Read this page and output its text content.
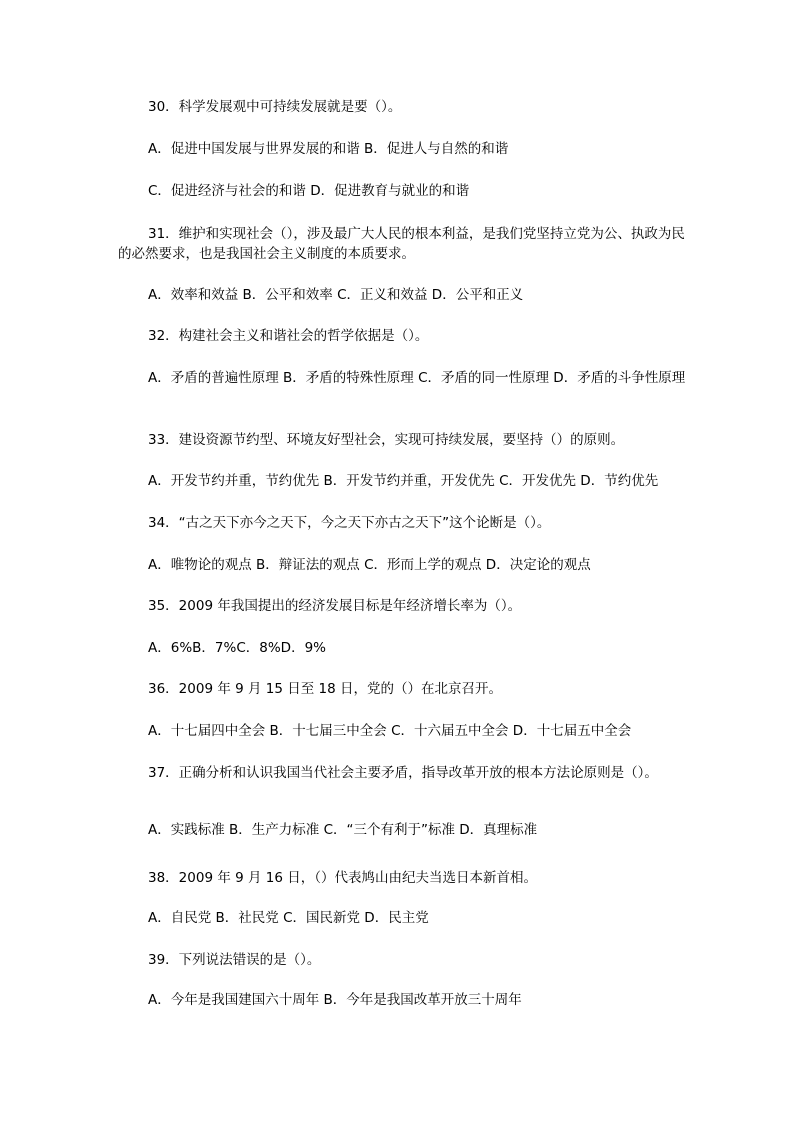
30．科学发展观中可持续发展就是要（）。

A．促进中国发展与世界发展的和谐 B．促进人与自然的和谐

C．促进经济与社会的和谐 D．促进教育与就业的和谐

31．维护和实现社会（），涉及最广大人民的根本利益，是我们党坚持立党为公、执政为民的必然要求，也是我国社会主义制度的本质要求。

A．效率和效益 B．公平和效率 C．正义和效益 D．公平和正义

32．构建社会主义和谐社会的哲学依据是（）。

A．矛盾的普遍性原理 B．矛盾的特殊性原理 C．矛盾的同一性原理 D．矛盾的斗争性原理

33．建设资源节约型、环境友好型社会，实现可持续发展，要坚持（）的原则。

A．开发节约并重，节约优先 B．开发节约并重，开发优先 C．开发优先 D．节约优先

34．“古之天下亦今之天下，今之天下亦古之天下”这个论断是（）。

A．唯物论的观点 B．辩证法的观点 C．形而上学的观点 D．决定论的观点

35．2009 年我国提出的经济发展目标是年经济增长率为（）。

A．6%B．7%C．8%D．9%

36．2009 年 9 月 15 日至 18 日，党的（）在北京召开。

A．十七届四中全会 B．十七届三中全会 C．十六届五中全会 D．十七届五中全会

37．正确分析和认识我国当代社会主要矛盾，指导改革开放的根本方法论原则是（）。

A．实践标准 B．生产力标准 C．“三个有利于”标准 D．真理标准

38．2009 年 9 月 16 日，（）代表鸠山由纪夫当选日本新首相。

A．自民党 B．社民党 C．国民新党 D．民主党

39．下列说法错误的是（）。

A．今年是我国建国六十周年 B．今年是我国改革开放三十周年
